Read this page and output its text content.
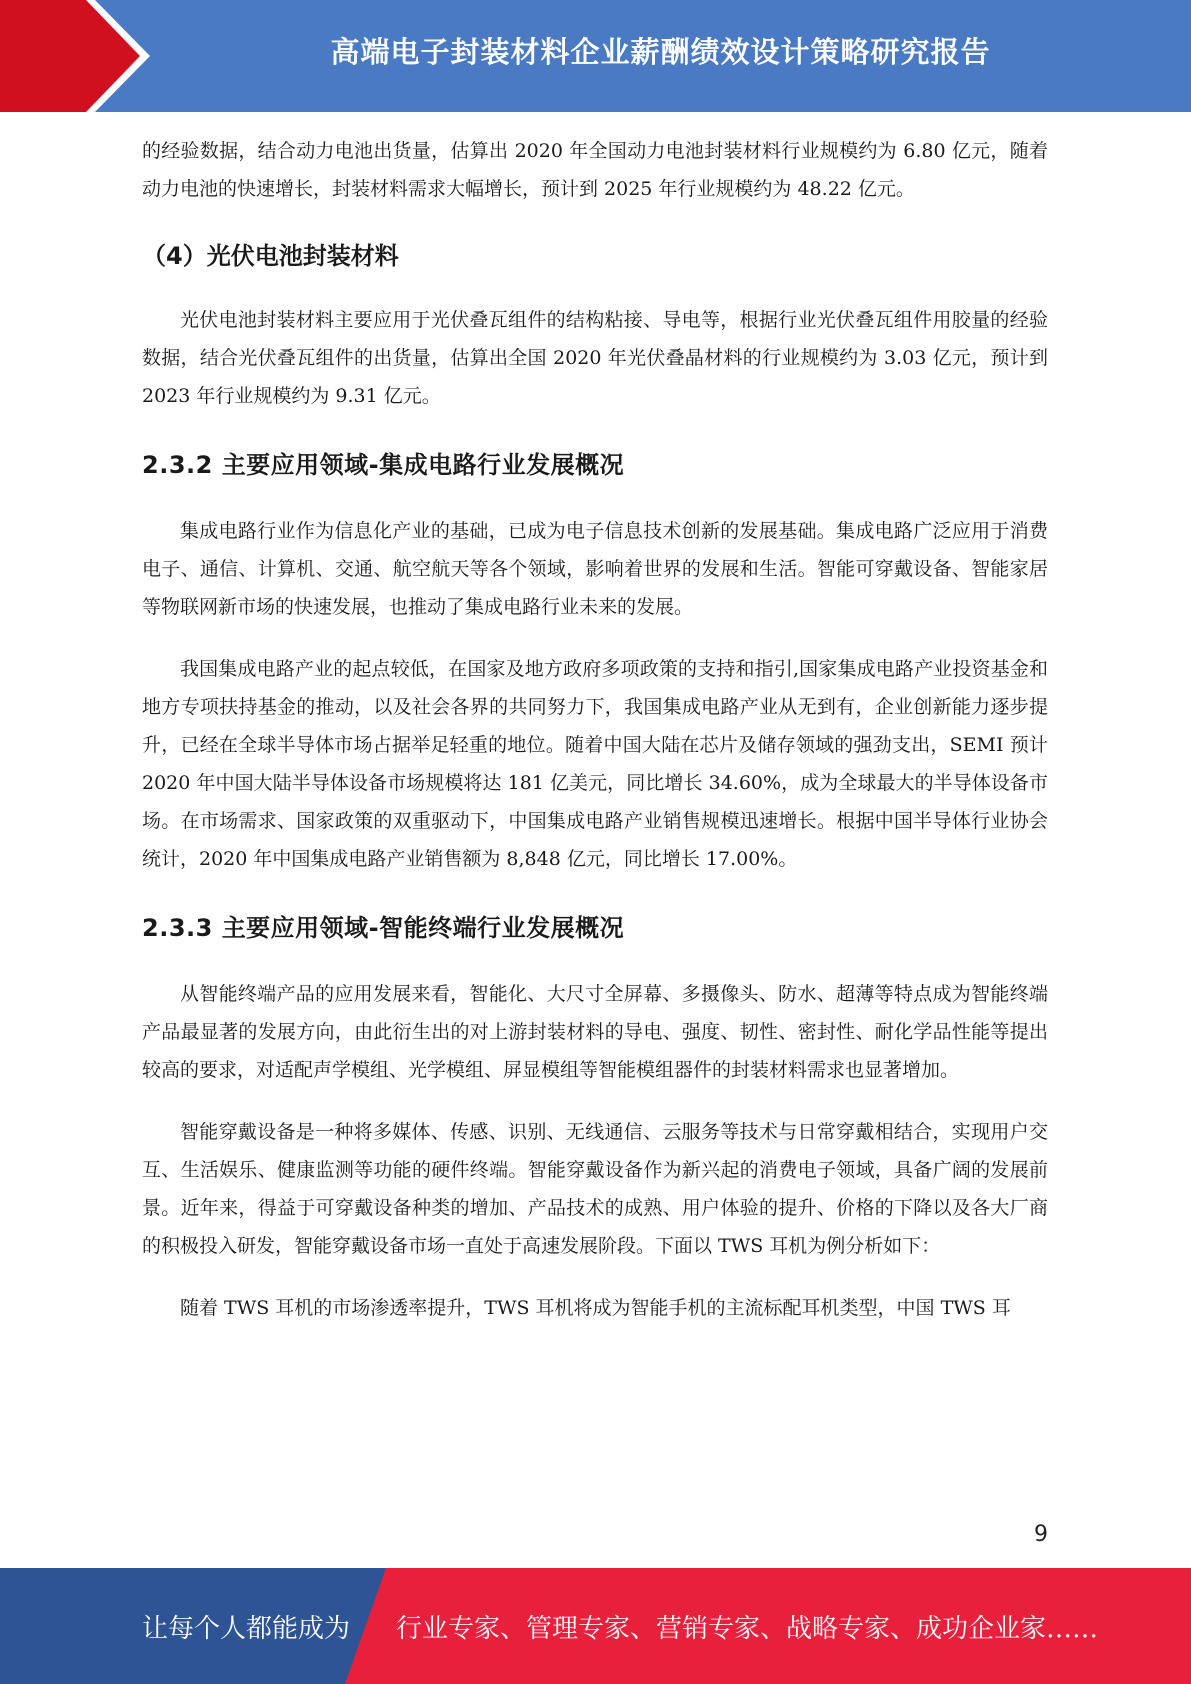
高端电子封装材料企业薪酬绩效设计策略研究报告

的经验数据，结合动力电池出货量，估算出 2020 年全国动力电池封装材料行业规模约为 6.80 亿元，随着动力电池的快速增长，封装材料需求大幅增长，预计到 2025 年行业规模约为 48.22 亿元。

（4）光伏电池封装材料

光伏电池封装材料主要应用于光伏叠瓦组件的结构粘接、导电等，根据行业光伏叠瓦组件用胶量的经验数据，结合光伏叠瓦组件的出货量，估算出全国 2020 年光伏叠晶材料的行业规模约为 3.03 亿元，预计到 2023 年行业规模约为 9.31 亿元。

2.3.2 主要应用领域-集成电路行业发展概况

集成电路行业作为信息化产业的基础，已成为电子信息技术创新的发展基础。集成电路广泛应用于消费电子、通信、计算机、交通、航空航天等各个领域，影响着世界的发展和生活。智能可穿戴设备、智能家居等物联网新市场的快速发展，也推动了集成电路行业未来的发展。

我国集成电路产业的起点较低，在国家及地方政府多项政策的支持和指引,国家集成电路产业投资基金和地方专项扶持基金的推动，以及社会各界的共同努力下，我国集成电路产业从无到有，企业创新能力逐步提升，已经在全球半导体市场占据举足轻重的地位。随着中国大陆在芯片及储存领域的强劲支出，SEMI 预计 2020 年中国大陆半导体设备市场规模将达 181 亿美元，同比增长 34.60%，成为全球最大的半导体设备市场。在市场需求、国家政策的双重驱动下，中国集成电路产业销售规模迅速增长。根据中国半导体行业协会统计，2020 年中国集成电路产业销售额为 8,848 亿元，同比增长 17.00%。

2.3.3 主要应用领域-智能终端行业发展概况

从智能终端产品的应用发展来看，智能化、大尺寸全屏幕、多摄像头、防水、超薄等特点成为智能终端产品最显著的发展方向，由此衍生出的对上游封装材料的导电、强度、韧性、密封性、耐化学品性能等提出较高的要求，对适配声学模组、光学模组、屏显模组等智能模组器件的封装材料需求也显著增加。

智能穿戴设备是一种将多媒体、传感、识别、无线通信、云服务等技术与日常穿戴相结合，实现用户交互、生活娱乐、健康监测等功能的硬件终端。智能穿戴设备作为新兴起的消费电子领域，具备广阔的发展前景。近年来，得益于可穿戴设备种类的增加、产品技术的成熟、用户体验的提升、价格的下降以及各大厂商的积极投入研发，智能穿戴设备市场一直处于高速发展阶段。下面以 TWS 耳机为例分析如下：

随着 TWS 耳机的市场渗透率提升，TWS 耳机将成为智能手机的主流标配耳机类型，中国 TWS 耳

9
让每个人都能成为 行业专家、管理专家、营销专家、战略专家、成功企业家……
